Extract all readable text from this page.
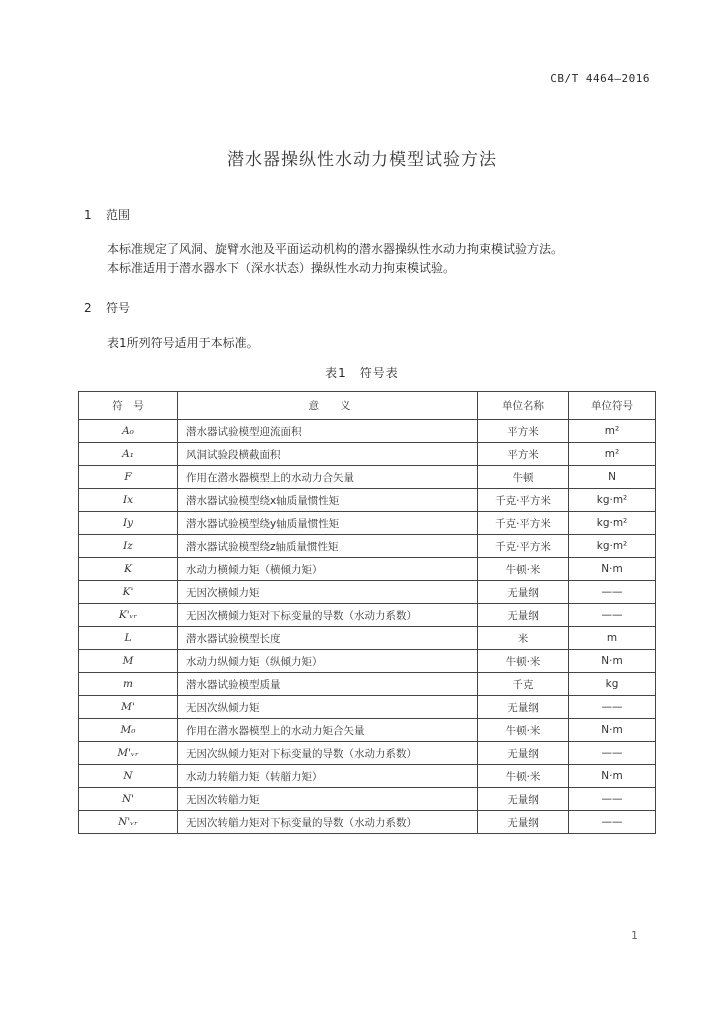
CB/T 4464—2016
潜水器操纵性水动力模型试验方法
1 范围
本标准规定了风洞、旋臂水池及平面运动机构的潜水器操纵性水动力拘束模试验方法。
本标准适用于潜水器水下（深水状态）操纵性水动力拘束模试验。
2 符号
表1所列符号适用于本标准。
表1　符号表
符　号	意　　义	单位名称	单位符号
A₀	潜水器试验模型迎流面积	平方米	m²
A₁	风洞试验段横截面积	平方米	m²
F	作用在潜水器模型上的水动力合矢量	牛顿	N
Ix	潜水器试验模型绕x轴质量惯性矩	千克·平方米	kg·m²
Iy	潜水器试验模型绕y轴质量惯性矩	千克·平方米	kg·m²
Iz	潜水器试验模型绕z轴质量惯性矩	千克·平方米	kg·m²
K	水动力横倾力矩（横倾力矩）	牛顿·米	N·m
K'	无因次横倾力矩	无量纲	——
K'ᵥᵣ	无因次横倾力矩对下标变量的导数（水动力系数）	无量纲	——
L	潜水器试验模型长度	米	m
M	水动力纵倾力矩（纵倾力矩）	牛顿·米	N·m
m	潜水器试验模型质量	千克	kg
M'	无因次纵倾力矩	无量纲	——
M₀	作用在潜水器模型上的水动力矩合矢量	牛顿·米	N·m
M'ᵥᵣ	无因次纵倾力矩对下标变量的导数（水动力系数）	无量纲	——
N	水动力转艏力矩（转艏力矩）	牛顿·米	N·m
N'	无因次转艏力矩	无量纲	——
N'ᵥᵣ	无因次转艏力矩对下标变量的导数（水动力系数）	无量纲	——
1
